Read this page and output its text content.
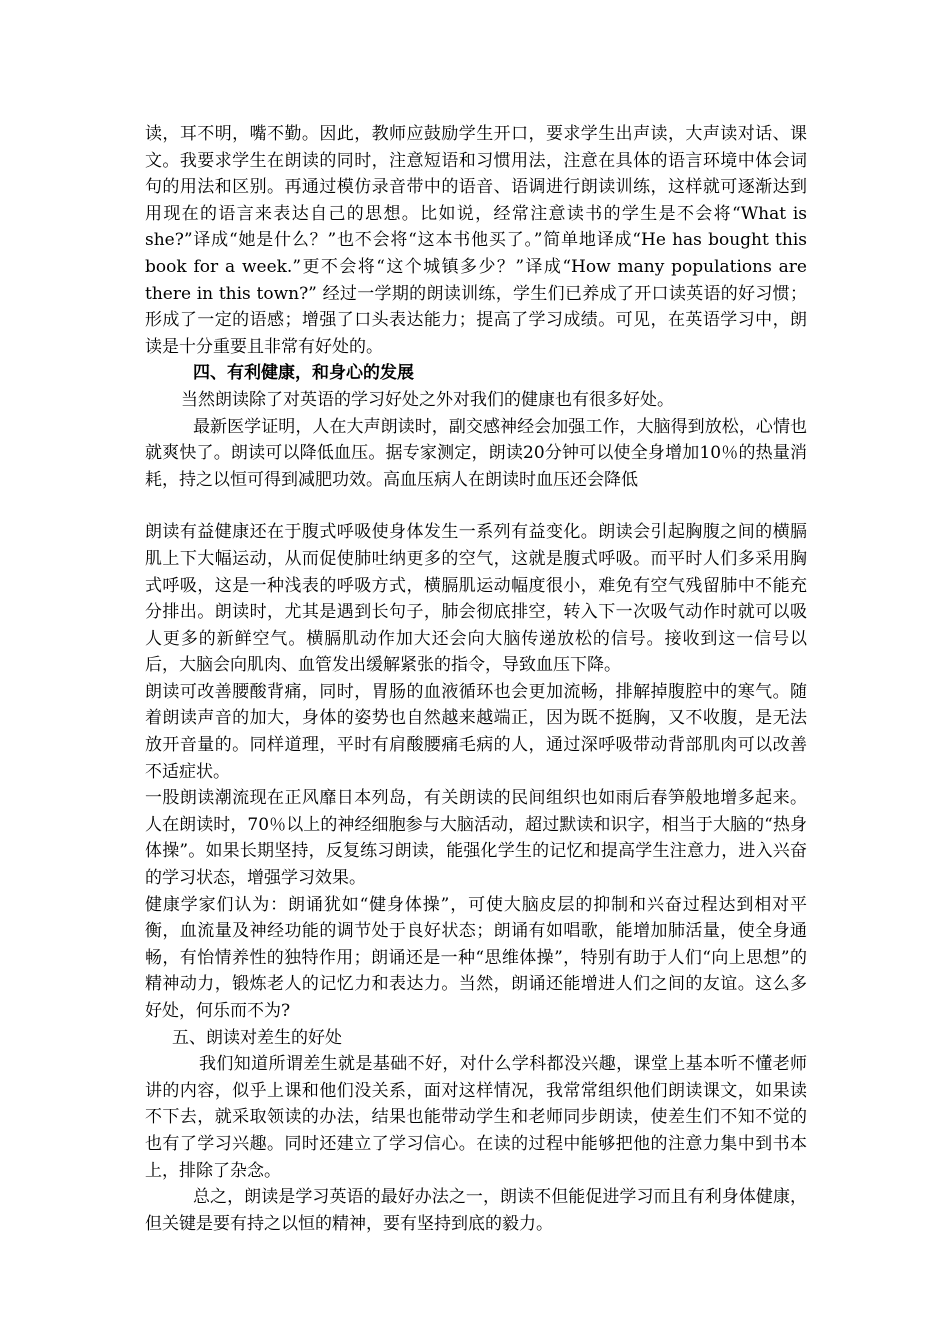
读，耳不明，嘴不勤。因此，教师应鼓励学生开口，要求学生出声读，大声读对话、课文。我要求学生在朗读的同时，注意短语和习惯用法，注意在具体的语言环境中体会词句的用法和区别。再通过模仿录音带中的语音、语调进行朗读训练，这样就可逐渐达到用现在的语言来表达自己的思想。比如说，经常注意读书的学生是不会将“What is she?”译成“她是什么？”也不会将“这本书他买了。”简单地译成“He has bought this book for a week.”更不会将“这个城镇多少？”译成“How many populations are there in this town?” 经过一学期的朗读训练，学生们已养成了开口读英语的好习惯；形成了一定的语感；增强了口头表达能力；提高了学习成绩。可见，在英语学习中，朗读是十分重要且非常有好处的。

四、有利健康，和身心的发展

当然朗读除了对英语的学习好处之外对我们的健康也有很多好处。

最新医学证明，人在大声朗读时，副交感神经会加强工作，大脑得到放松，心情也就爽快了。朗读可以降低血压。据专家测定，朗读20分钟可以使全身增加10％的热量消耗，持之以恒可得到减肥功效。高血压病人在朗读时血压还会降低

朗读有益健康还在于腹式呼吸使身体发生一系列有益变化。朗读会引起胸腹之间的横膈肌上下大幅运动，从而促使肺吐纳更多的空气，这就是腹式呼吸。而平时人们多采用胸式呼吸，这是一种浅表的呼吸方式，横膈肌运动幅度很小，难免有空气残留肺中不能充分排出。朗读时，尤其是遇到长句子，肺会彻底排空，转入下一次吸气动作时就可以吸人更多的新鲜空气。横膈肌动作加大还会向大脑传递放松的信号。接收到这一信号以后，大脑会向肌肉、血管发出缓解紧张的指令，导致血压下降。

朗读可改善腰酸背痛，同时，胃肠的血液循环也会更加流畅，排解掉腹腔中的寒气。随着朗读声音的加大，身体的姿势也自然越来越端正，因为既不挺胸，又不收腹，是无法放开音量的。同样道理，平时有肩酸腰痛毛病的人，通过深呼吸带动背部肌肉可以改善不适症状。

一股朗读潮流现在正风靡日本列岛，有关朗读的民间组织也如雨后春笋般地增多起来。人在朗读时，70％以上的神经细胞参与大脑活动，超过默读和识字，相当于大脑的“热身体操”。如果长期坚持，反复练习朗读，能强化学生的记忆和提高学生注意力，进入兴奋的学习状态，增强学习效果。

健康学家们认为：朗诵犹如“健身体操”，可使大脑皮层的抑制和兴奋过程达到相对平衡，血流量及神经功能的调节处于良好状态；朗诵有如唱歌，能增加肺活量，使全身通畅，有怡情养性的独特作用；朗诵还是一种“思维体操”，特别有助于人们“向上思想”的精神动力，锻炼老人的记忆力和表达力。当然，朗诵还能增进人们之间的友谊。这么多好处，何乐而不为?

五、朗读对差生的好处

我们知道所谓差生就是基础不好，对什么学科都没兴趣，课堂上基本听不懂老师讲的内容，似乎上课和他们没关系，面对这样情况，我常常组织他们朗读课文，如果读不下去，就采取领读的办法，结果也能带动学生和老师同步朗读，使差生们不知不觉的也有了学习兴趣。同时还建立了学习信心。在读的过程中能够把他的注意力集中到书本上，排除了杂念。

总之，朗读是学习英语的最好办法之一，朗读不但能促进学习而且有利身体健康，但关键是要有持之以恒的精神，要有坚持到底的毅力。
